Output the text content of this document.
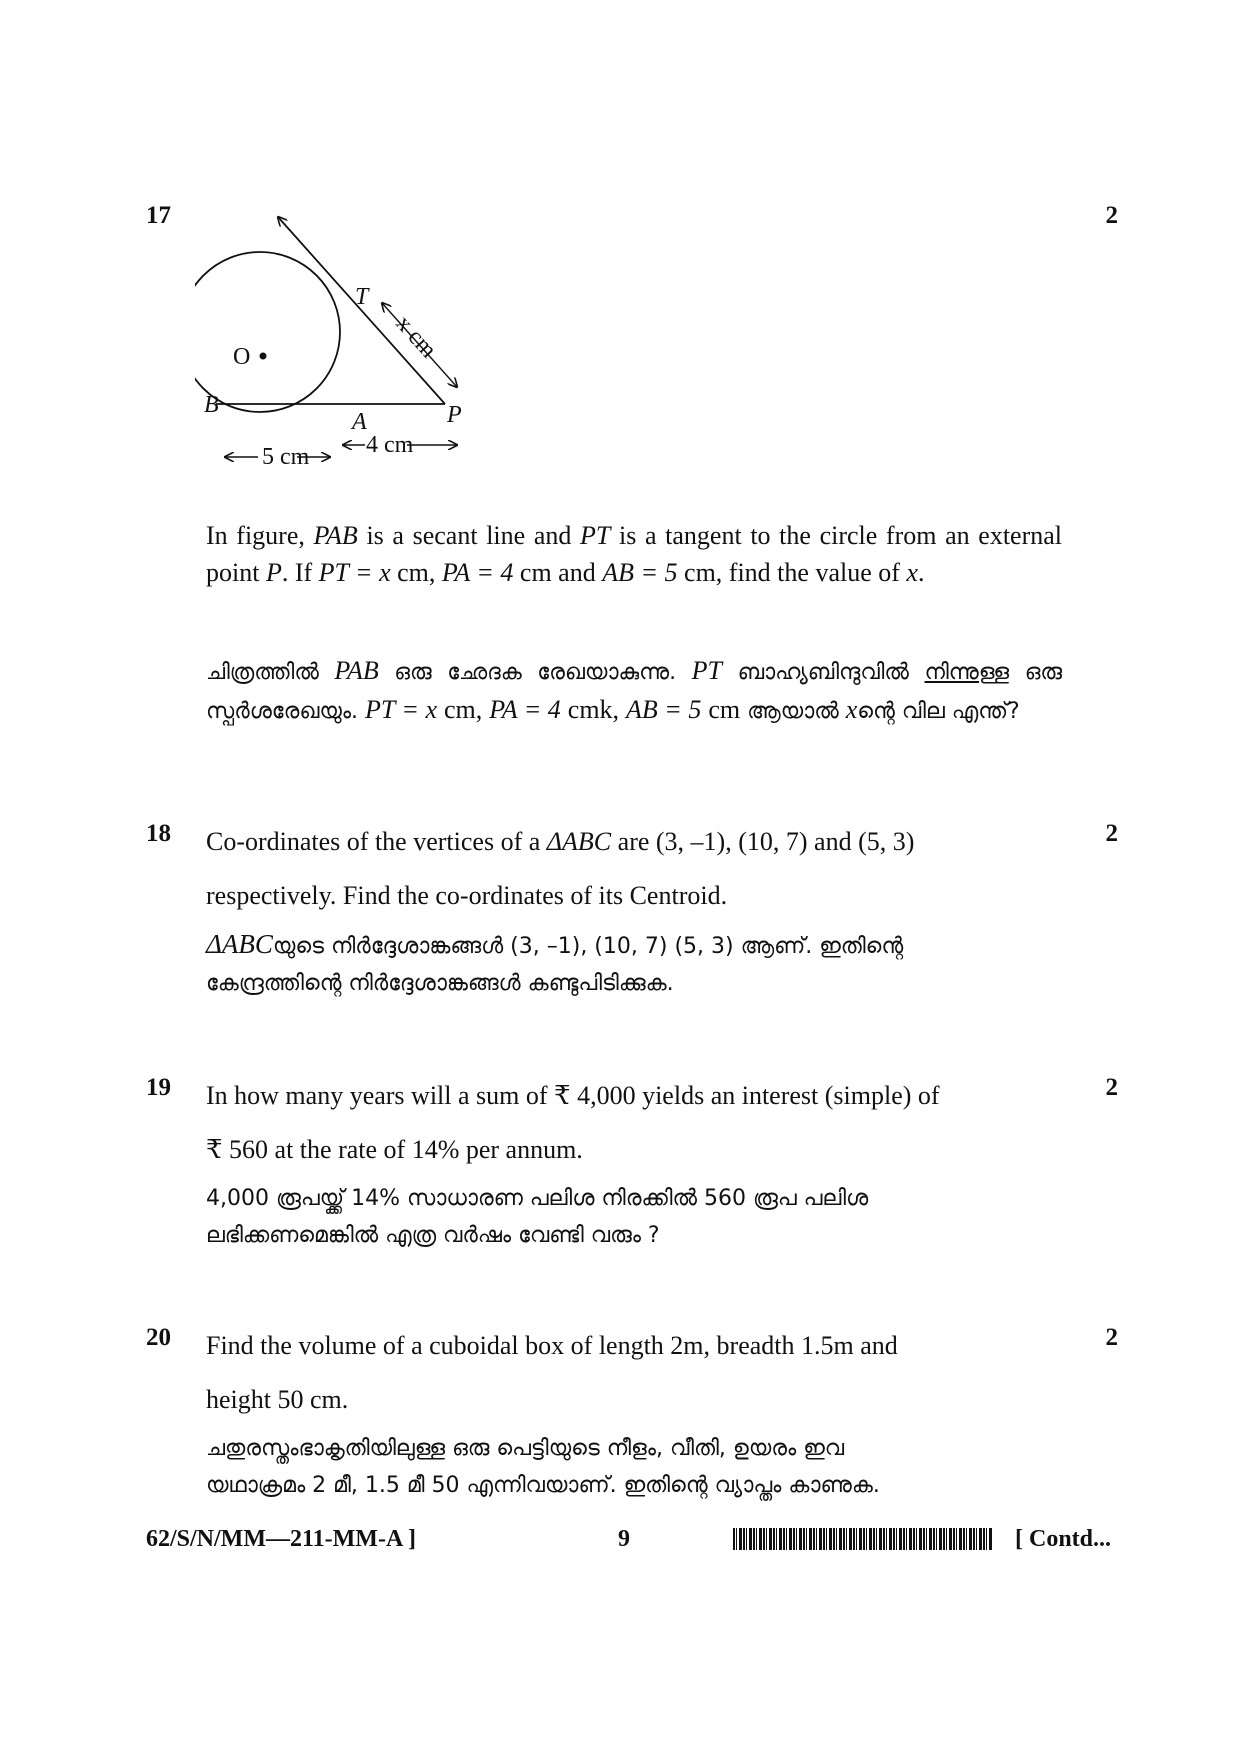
17	2
O
T
P
B
A
x cm
5 cm 4 cm
In figure, PAB is a secant line and PT is a tangent to the circle from an external point P. If PT = x cm, PA = 4 cm and AB = 5 cm, find the value of x.
ചിത്രത്തിൽ PAB ഒരു ഛേദക രേഖയാകുന്നു. PT ബാഹ്യബിന്ദുവിൽ നിന്നുള്ള ഒരു സ്പർശരേഖയും. PT = x cm, PA = 4 cmk, AB = 5 cm ആയാൽ xന്റെ വില എന്ത്?
18	2
Co-ordinates of the vertices of a ΔABC are (3, –1), (10, 7) and (5, 3)
respectively. Find the co-ordinates of its Centroid.
ΔABCയുടെ നിർദ്ദേശാങ്കങ്ങൾ (3, –1), (10, 7) (5, 3) ആണ്. ഇതിന്റെ
കേന്ദ്രത്തിന്റെ നിർദ്ദേശാങ്കങ്ങൾ കണ്ടുപിടിക്കുക.
19	2
In how many years will a sum of ₹ 4,000 yields an interest (simple) of
₹ 560 at the rate of 14% per annum.
4,000 രൂപയ്ക്ക് 14% സാധാരണ പലിശ നിരക്കിൽ 560 രൂപ പലിശ
ലഭിക്കണമെങ്കിൽ എത്ര വർഷം വേണ്ടി വരും ?
20	2
Find the volume of a cuboidal box of length 2m, breadth 1.5m and
height 50 cm.
ചതുരസ്തംഭാകൃതിയിലുള്ള ഒരു പെട്ടിയുടെ നീളം, വീതി, ഉയരം ഇവ
യഥാക്രമം 2 മീ, 1.5 മീ 50 എന്നിവയാണ്. ഇതിന്റെ വ്യാപ്തം കാണുക.
62/S/N/MM—211-MM-A ]	9	[ Contd...
